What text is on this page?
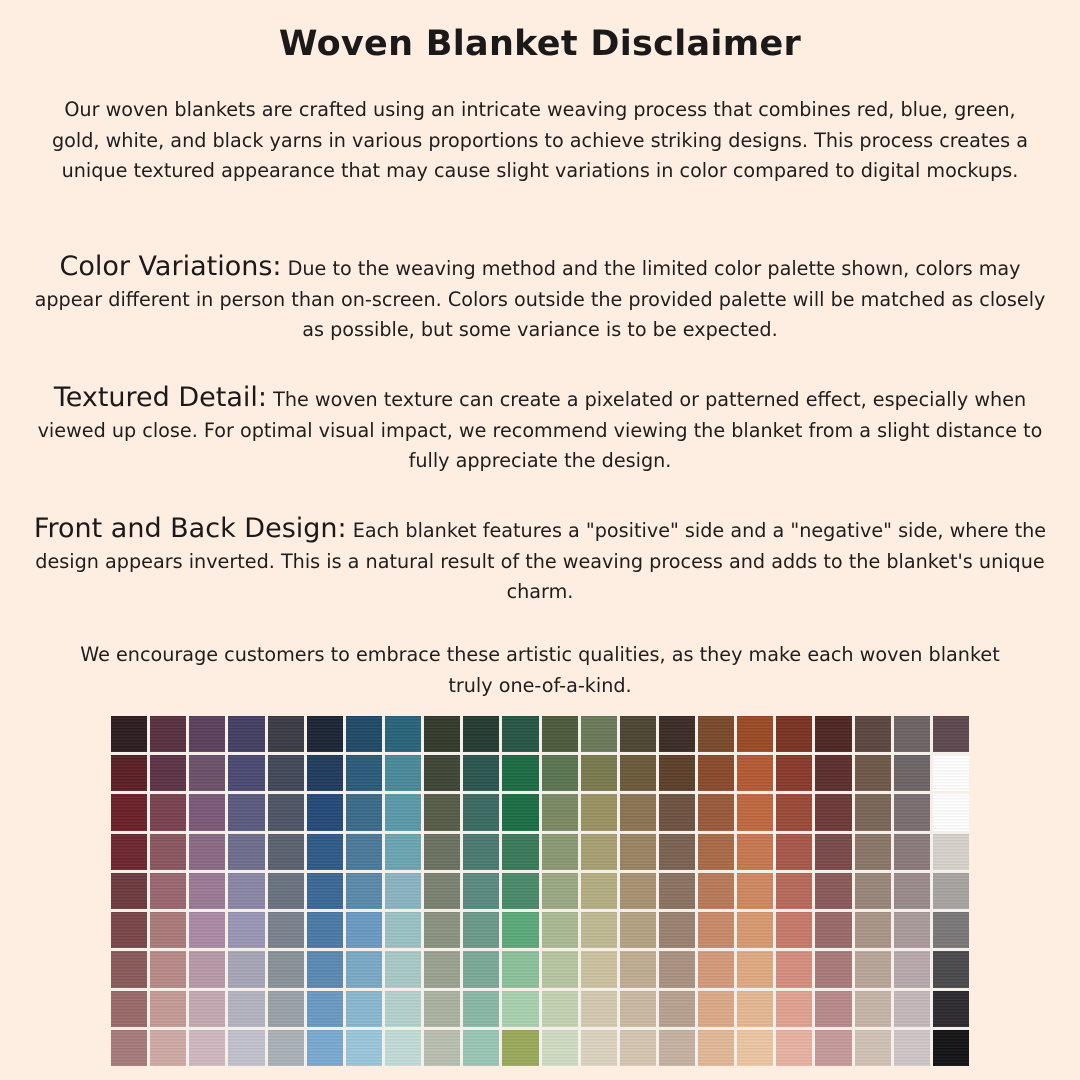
Woven Blanket Disclaimer

Our woven blankets are crafted using an intricate weaving process that combines red, blue, green, gold, white, and black yarns in various proportions to achieve striking designs. This process creates a unique textured appearance that may cause slight variations in color compared to digital mockups.

Color Variations: Due to the weaving method and the limited color palette shown, colors may appear different in person than on-screen. Colors outside the provided palette will be matched as closely as possible, but some variance is to be expected.

Textured Detail: The woven texture can create a pixelated or patterned effect, especially when viewed up close. For optimal visual impact, we recommend viewing the blanket from a slight distance to fully appreciate the design.

Front and Back Design: Each blanket features a "positive" side and a "negative" side, where the design appears inverted. This is a natural result of the weaving process and adds to the blanket's unique charm.

We encourage customers to embrace these artistic qualities, as they make each woven blanket truly one-of-a-kind.
